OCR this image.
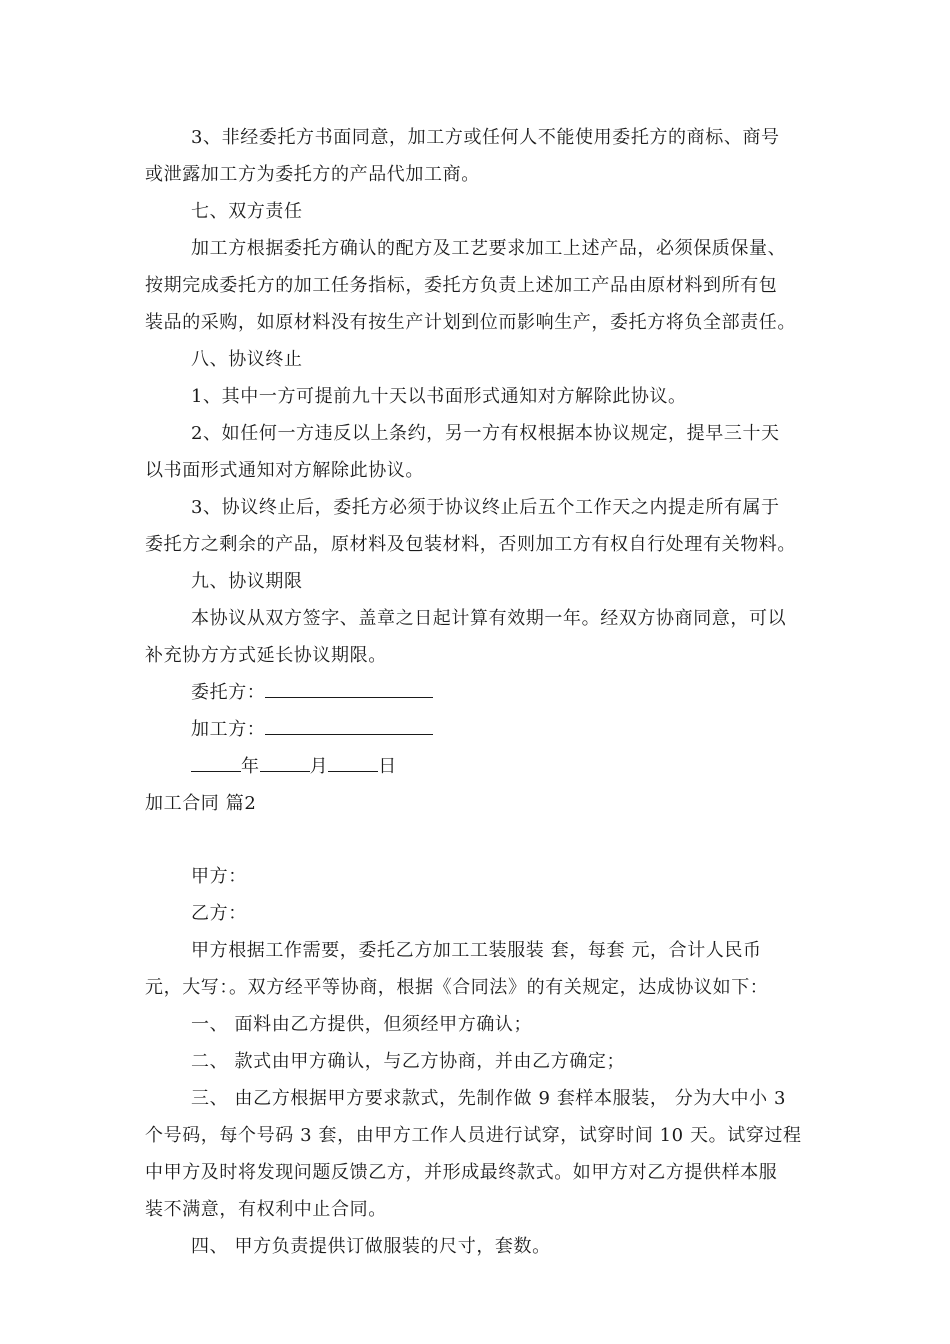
3、非经委托方书面同意，加工方或任何人不能使用委托方的商标、商号
或泄露加工方为委托方的产品代加工商。
七、双方责任
加工方根据委托方确认的配方及工艺要求加工上述产品，必须保质保量、
按期完成委托方的加工任务指标，委托方负责上述加工产品由原材料到所有包
装品的采购，如原材料没有按生产计划到位而影响生产，委托方将负全部责任。
八、协议终止
1、其中一方可提前九十天以书面形式通知对方解除此协议。
2、如任何一方违反以上条约，另一方有权根据本协议规定，提早三十天
以书面形式通知对方解除此协议。
3、协议终止后，委托方必须于协议终止后五个工作天之内提走所有属于
委托方之剩余的产品，原材料及包装材料，否则加工方有权自行处理有关物料。
九、协议期限
本协议从双方签字、盖章之日起计算有效期一年。经双方协商同意，可以
补充协方方式延长协议期限。
委托方：
加工方：
年	月	日
加工合同 篇2
甲方：
乙方：
甲方根据工作需要，委托乙方加工工装服装 套，每套 元，合计人民币
元，大写：。双方经平等协商，根据《合同法》的有关规定，达成协议如下：
一、 面料由乙方提供，但须经甲方确认；
二、 款式由甲方确认，与乙方协商，并由乙方确定；
三、 由乙方根据甲方要求款式，先制作做 9 套样本服装， 分为大中小 3
个号码，每个号码 3 套，由甲方工作人员进行试穿，试穿时间 10 天。试穿过程
中甲方及时将发现问题反馈乙方，并形成最终款式。如甲方对乙方提供样本服
装不满意，有权利中止合同。
四、 甲方负责提供订做服装的尺寸，套数。
